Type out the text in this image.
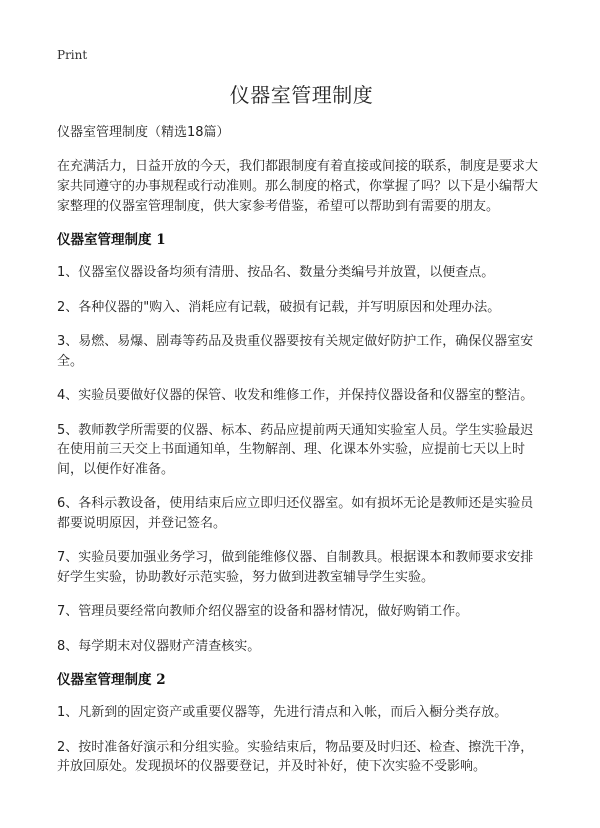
Print
仪器室管理制度

仪器室管理制度（精选18篇）

在充满活力，日益开放的今天，我们都跟制度有着直接或间接的联系，制度是要求大家共同遵守的办事规程或行动准则。那么制度的格式，你掌握了吗？以下是小编帮大家整理的仪器室管理制度，供大家参考借鉴，希望可以帮助到有需要的朋友。

仪器室管理制度 1

1、仪器室仪器设备均须有清册、按品名、数量分类编号并放置，以便查点。

2、各种仪器的"购入、消耗应有记载，破损有记载，并写明原因和处理办法。

3、易燃、易爆、剧毒等药品及贵重仪器要按有关规定做好防护工作，确保仪器室安全。

4、实验员要做好仪器的保管、收发和维修工作，并保持仪器设备和仪器室的整洁。

5、教师教学所需要的仪器、标本、药品应提前两天通知实验室人员。学生实验最迟在使用前三天交上书面通知单，生物解剖、理、化课本外实验，应提前七天以上时间，以便作好准备。

6、各科示教设备，使用结束后应立即归还仪器室。如有损坏无论是教师还是实验员都要说明原因，并登记签名。

7、实验员要加强业务学习，做到能维修仪器、自制教具。根据课本和教师要求安排好学生实验，协助教好示范实验，努力做到进教室辅导学生实验。

7、管理员要经常向教师介绍仪器室的设备和器材情况，做好购销工作。

8、每学期末对仪器财产清查核实。

仪器室管理制度 2

1、凡新到的固定资产或重要仪器等，先进行清点和入帐，而后入橱分类存放。

2、按时准备好演示和分组实验。实验结束后，物品要及时归还、检查、擦洗干净，并放回原处。发现损坏的仪器要登记，并及时补好，使下次实验不受影响。
